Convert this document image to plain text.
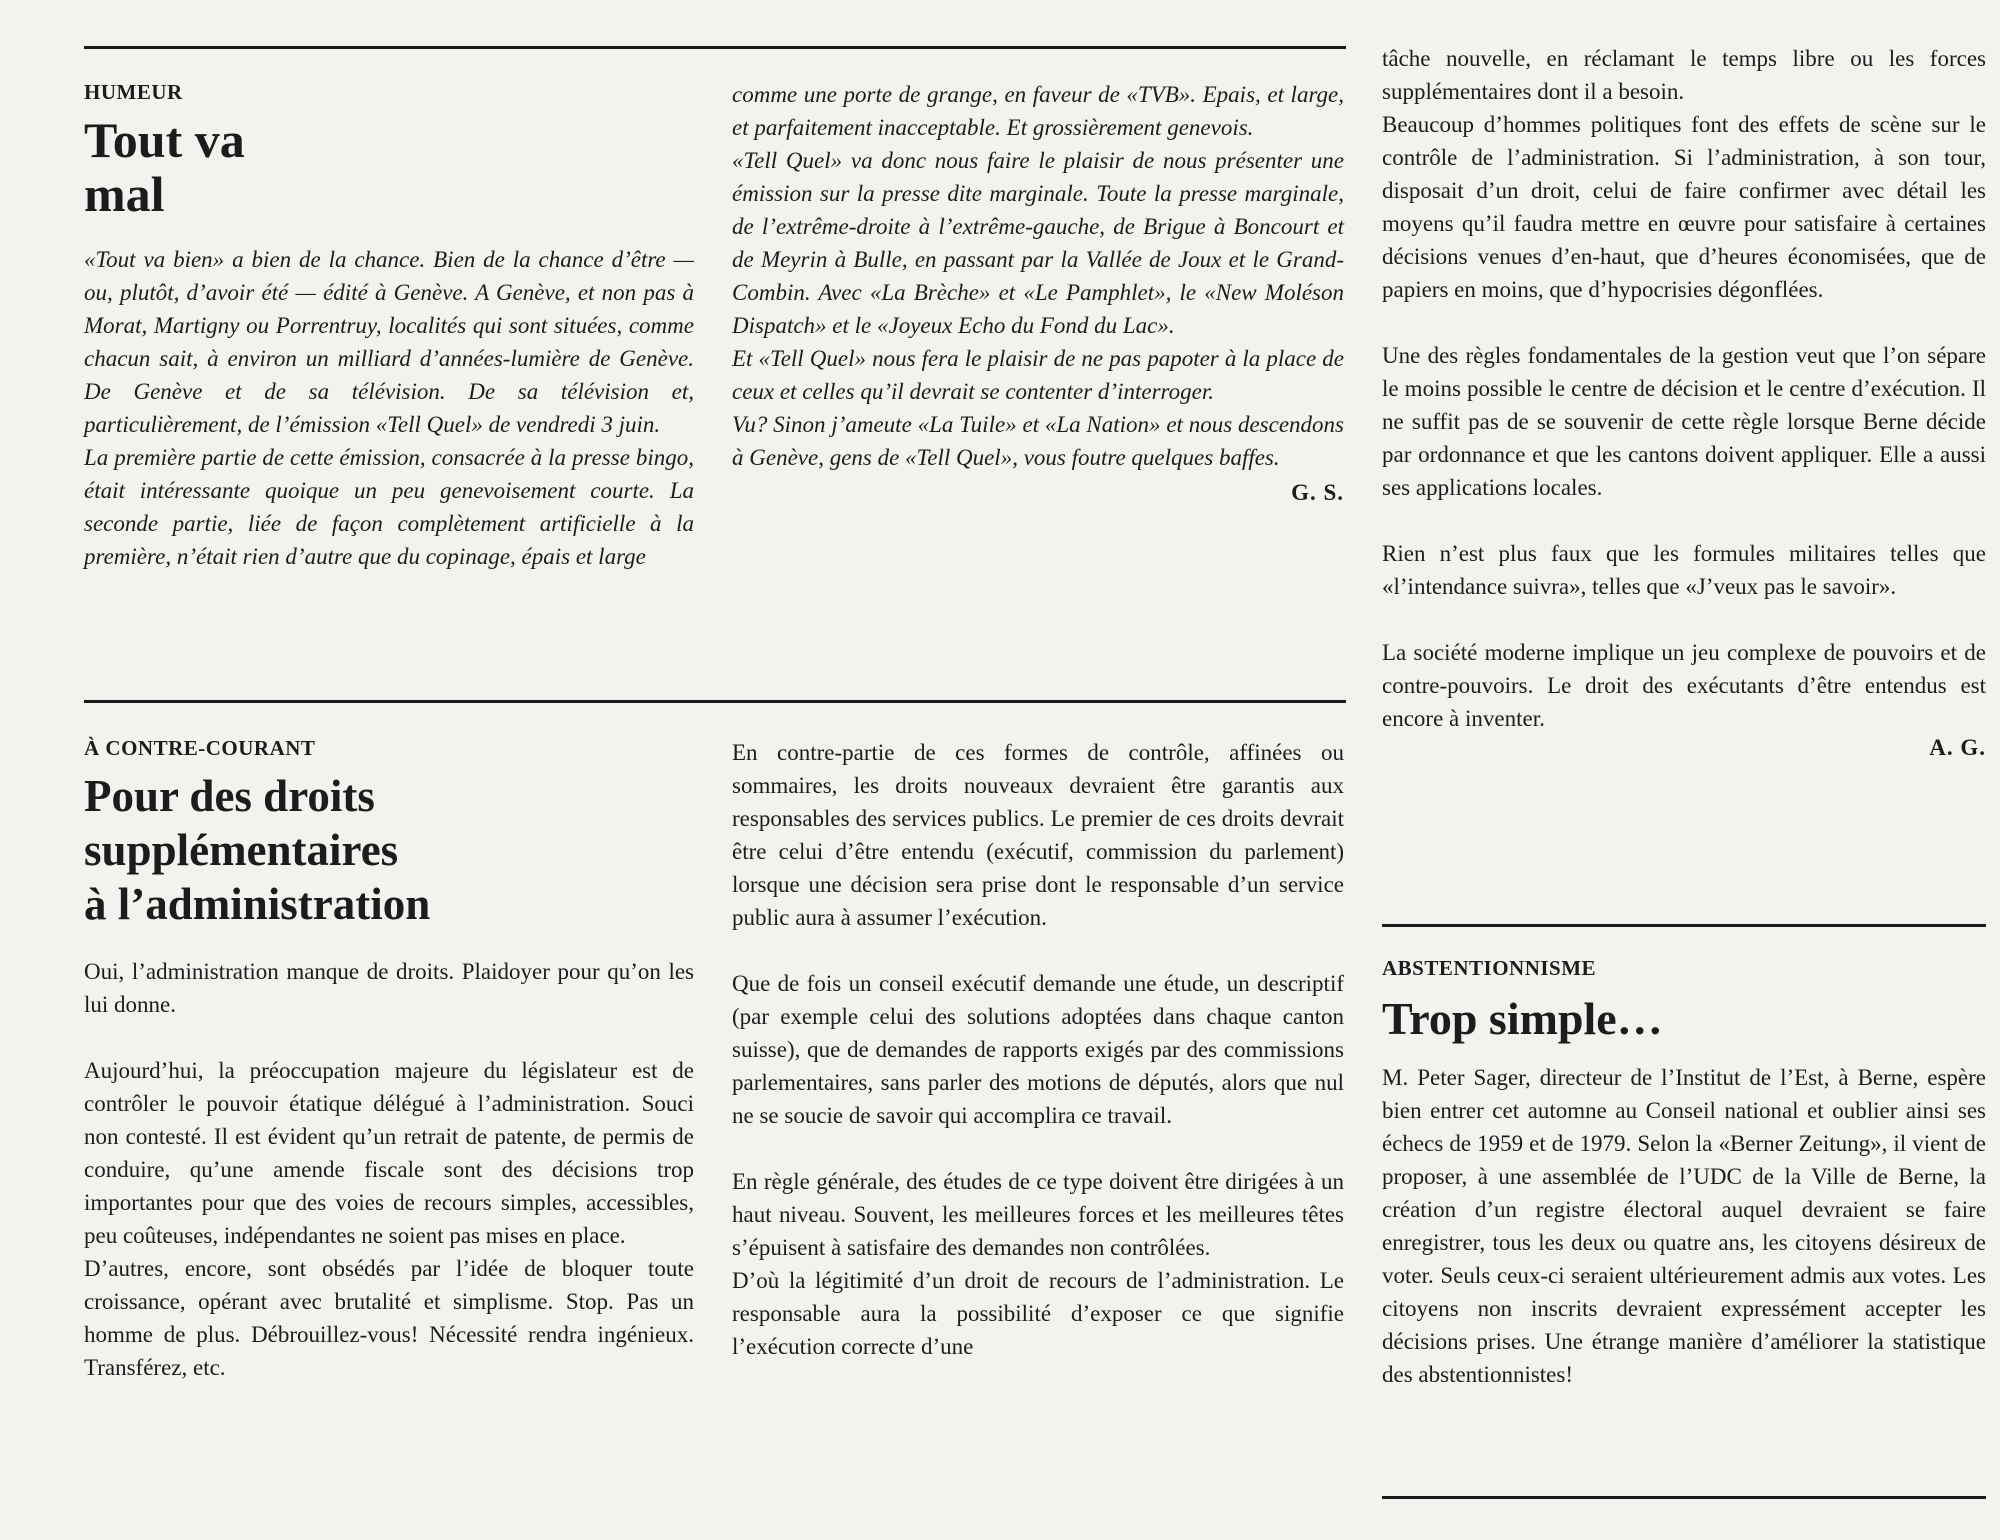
HUMEUR

Tout va
mal

«Tout va bien» a bien de la chance. Bien de la chance d’être — ou, plutôt, d’avoir été — édité à Genève. A Genève, et non pas à Morat, Martigny ou Porrentruy, localités qui sont situées, comme chacun sait, à environ un milliard d’années-lumière de Genève. De Genève et de sa télévision. De sa télévision et, particulièrement, de l’émission «Tell Quel» de vendredi 3 juin.

La première partie de cette émission, consacrée à la presse bingo, était intéressante quoique un peu genevoisement courte. La seconde partie, liée de façon complètement artificielle à la première, n’était rien d’autre que du copinage, épais et large

comme une porte de grange, en faveur de «TVB». Epais, et large, et parfaitement inacceptable. Et grossièrement genevois.

«Tell Quel» va donc nous faire le plaisir de nous présenter une émission sur la presse dite marginale. Toute la presse marginale, de l’extrême-droite à l’extrême-gauche, de Brigue à Boncourt et de Meyrin à Bulle, en passant par la Vallée de Joux et le Grand-Combin. Avec «La Brèche» et «Le Pamphlet», le «New Moléson Dispatch» et le «Joyeux Echo du Fond du Lac».

Et «Tell Quel» nous fera le plaisir de ne pas papoter à la place de ceux et celles qu’il devrait se contenter d’interroger.

Vu? Sinon j’ameute «La Tuile» et «La Nation» et nous descendons à Genève, gens de «Tell Quel», vous foutre quelques baffes.

G. S.

À CONTRE-COURANT

Pour des droits
supplémentaires
à l’administration

Oui, l’administration manque de droits. Plaidoyer pour qu’on les lui donne.

Aujourd’hui, la préoccupation majeure du législateur est de contrôler le pouvoir étatique délégué à l’administration. Souci non contesté. Il est évident qu’un retrait de patente, de permis de conduire, qu’une amende fiscale sont des décisions trop importantes pour que des voies de recours simples, accessibles, peu coûteuses, indépendantes ne soient pas mises en place.

D’autres, encore, sont obsédés par l’idée de bloquer toute croissance, opérant avec brutalité et simplisme. Stop. Pas un homme de plus. Débrouillez-vous! Nécessité rendra ingénieux. Transférez, etc.

En contre-partie de ces formes de contrôle, affinées ou sommaires, les droits nouveaux devraient être garantis aux responsables des services publics. Le premier de ces droits devrait être celui d’être entendu (exécutif, commission du parlement) lorsque une décision sera prise dont le responsable d’un service public aura à assumer l’exécution.

Que de fois un conseil exécutif demande une étude, un descriptif (par exemple celui des solutions adoptées dans chaque canton suisse), que de demandes de rapports exigés par des commissions parlementaires, sans parler des motions de députés, alors que nul ne se soucie de savoir qui accomplira ce travail.

En règle générale, des études de ce type doivent être dirigées à un haut niveau. Souvent, les meilleures forces et les meilleures têtes s’épuisent à satisfaire des demandes non contrôlées.

D’où la légitimité d’un droit de recours de l’administration. Le responsable aura la possibilité d’exposer ce que signifie l’exécution correcte d’une

tâche nouvelle, en réclamant le temps libre ou les forces supplémentaires dont il a besoin.

Beaucoup d’hommes politiques font des effets de scène sur le contrôle de l’administration. Si l’administration, à son tour, disposait d’un droit, celui de faire confirmer avec détail les moyens qu’il faudra mettre en œuvre pour satisfaire à certaines décisions venues d’en-haut, que d’heures économisées, que de papiers en moins, que d’hypocrisies dégonflées.

Une des règles fondamentales de la gestion veut que l’on sépare le moins possible le centre de décision et le centre d’exécution. Il ne suffit pas de se souvenir de cette règle lorsque Berne décide par ordonnance et que les cantons doivent appliquer. Elle a aussi ses applications locales.

Rien n’est plus faux que les formules militaires telles que «l’intendance suivra», telles que «J’veux pas le savoir».

La société moderne implique un jeu complexe de pouvoirs et de contre-pouvoirs. Le droit des exécutants d’être entendus est encore à inventer.

A. G.

ABSTENTIONNISME

Trop simple…

M. Peter Sager, directeur de l’Institut de l’Est, à Berne, espère bien entrer cet automne au Conseil national et oublier ainsi ses échecs de 1959 et de 1979. Selon la «Berner Zeitung», il vient de proposer, à une assemblée de l’UDC de la Ville de Berne, la création d’un registre électoral auquel devraient se faire enregistrer, tous les deux ou quatre ans, les citoyens désireux de voter. Seuls ceux-ci seraient ultérieurement admis aux votes. Les citoyens non inscrits devraient expressément accepter les décisions prises. Une étrange manière d’améliorer la statistique des abstentionnistes!
